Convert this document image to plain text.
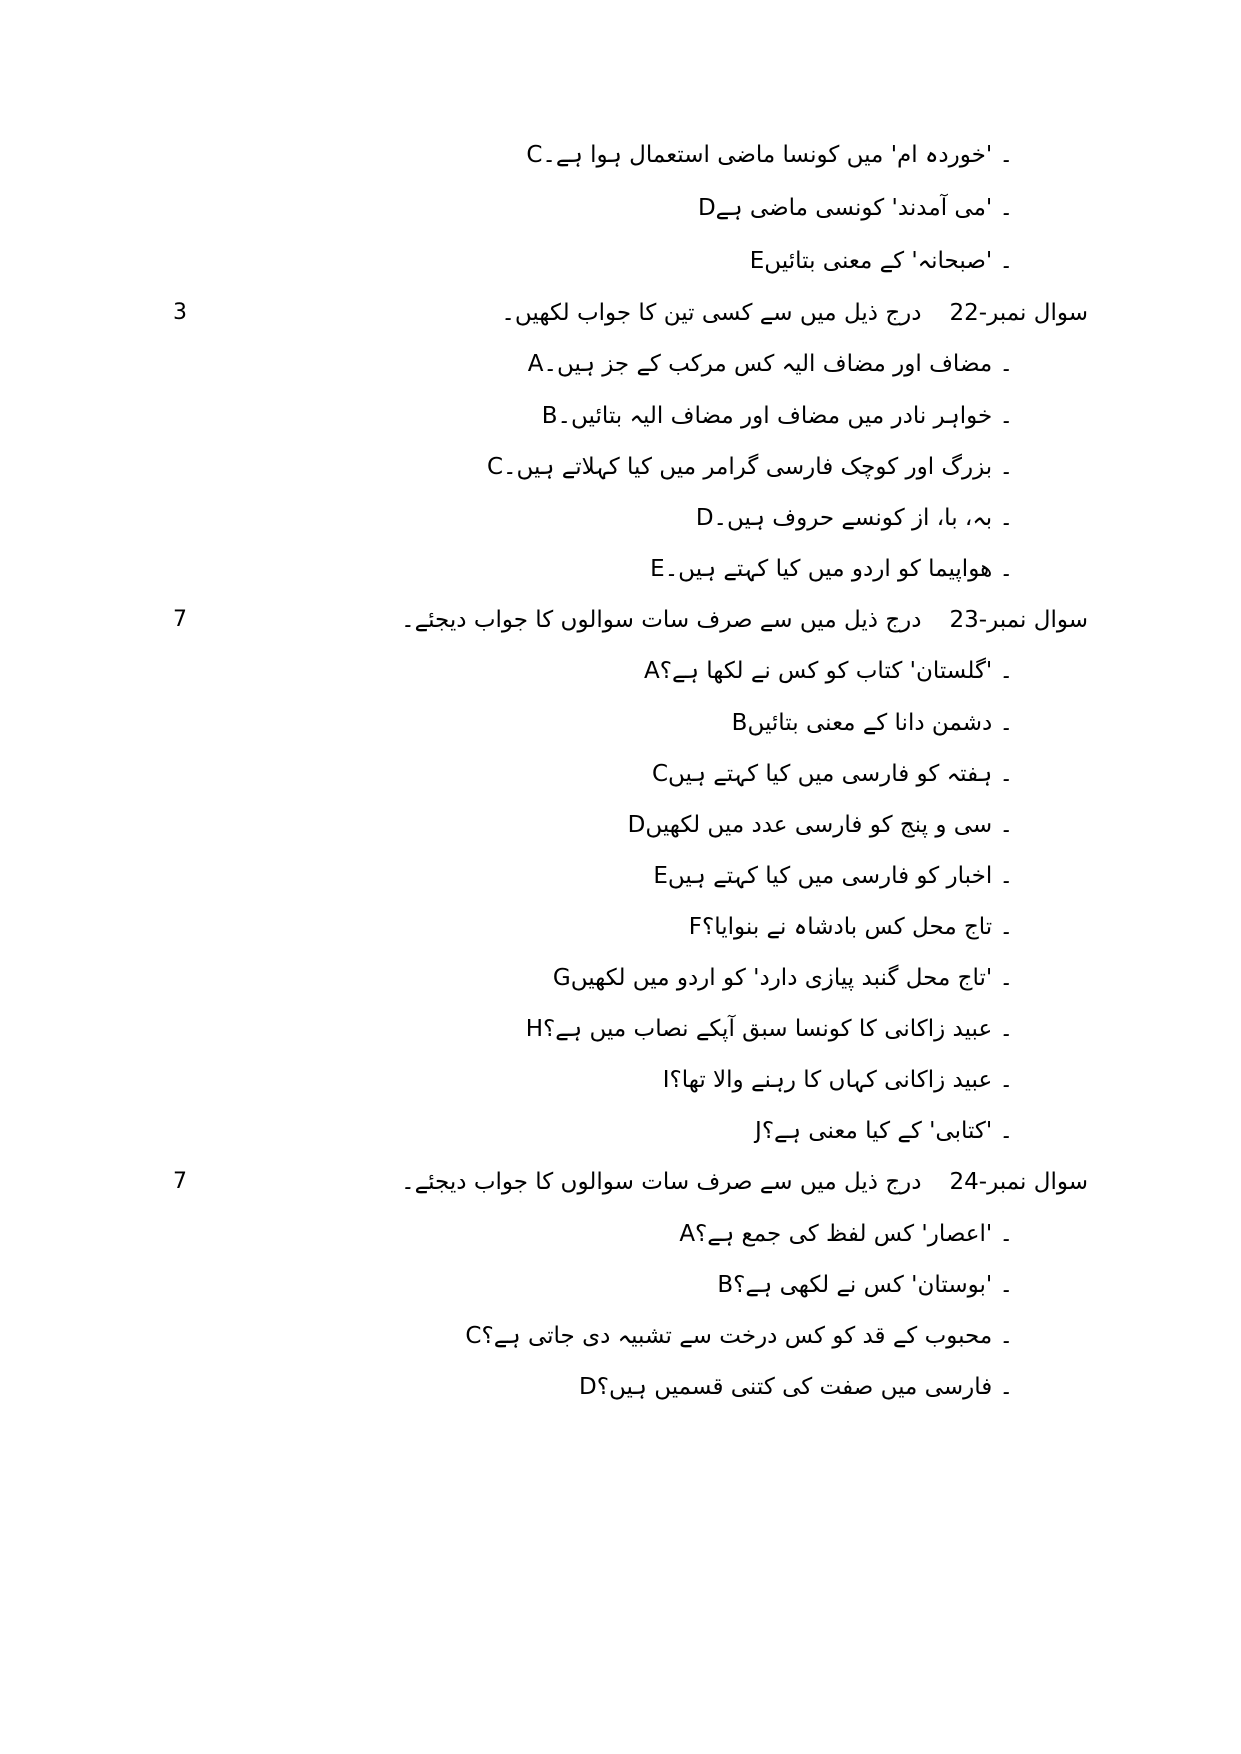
C۔ 'خوردہ ام' میں کونسا ماضی استعمال ہوا ہے۔
D۔ 'می آمدند' کونسی ماضی ہے
E۔ 'صبحانہ' کے معنی بتائیں
3	درج ذیل میں سے کسی تین کا جواب لکھیں۔ 22سوال نمبر-
A۔ مضاف اور مضاف الیہ کس مرکب کے جز ہیں۔
B۔ خواہر نادر میں مضاف اور مضاف الیہ بتائیں۔
C۔ بزرگ اور کوچک فارسی گرامر میں کیا کہلاتے ہیں۔
D۔ بہ، با، از کونسے حروف ہیں۔
E۔ ھواپیما کو اردو میں کیا کہتے ہیں۔
7	درج ذیل میں سے صرف سات سوالوں کا جواب دیجئے۔ 23سوال نمبر-
A۔ 'گلستان' کتاب کو کس نے لکھا ہے؟
B۔ دشمن دانا کے معنی بتائیں
C۔ ہفتہ کو فارسی میں کیا کہتے ہیں
D۔ سی و پنج کو فارسی عدد میں لکھیں
E۔ اخبار کو فارسی میں کیا کہتے ہیں
F۔ تاج محل کس بادشاہ نے بنوایا؟
G۔ 'تاج محل گنبد پیازی دارد' کو اردو میں لکھیں
H۔ عبید زاکانی کا کونسا سبق آپکے نصاب میں ہے؟
I۔ عبید زاکانی کہاں کا رہنے والا تھا؟
J۔ 'کتابی' کے کیا معنی ہے؟
7	درج ذیل میں سے صرف سات سوالوں کا جواب دیجئے۔ 24سوال نمبر-
A۔ 'اعصار' کس لفظ کی جمع ہے؟
B۔ 'بوستان' کس نے لکھی ہے؟
C۔ محبوب کے قد کو کس درخت سے تشبیہ دی جاتی ہے؟
D۔ فارسی میں صفت کی کتنی قسمیں ہیں؟
